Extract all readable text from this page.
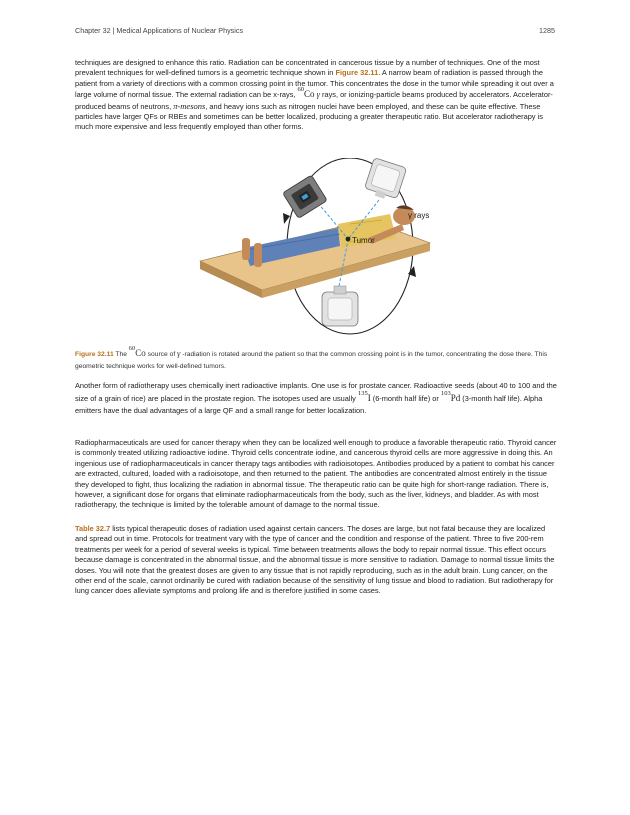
Chapter 32 | Medical Applications of Nuclear Physics	1285

techniques are designed to enhance this ratio. Radiation can be concentrated in cancerous tissue by a number of techniques. One of the most prevalent techniques for well-defined tumors is a geometric technique shown in Figure 32.11. A narrow beam of radiation is passed through the patient from a variety of directions with a common crossing point in the tumor. This concentrates the dose in the tumor while spreading it out over a large volume of normal tissue. The external radiation can be x-rays, $^{60}$Co γ rays, or ionizing-particle beams produced by accelerators. Accelerator-produced beams of neutrons, π-mesons, and heavy ions such as nitrogen nuclei have been employed, and these can be quite effective. These particles have larger QFs or RBEs and sometimes can be better localized, producing a greater therapeutic ratio. But accelerator radiotherapy is much more expensive and less frequently employed than other forms.

Tumor
γ rays

Figure 32.11 The $^{60}$Co source of γ -radiation is rotated around the patient so that the common crossing point is in the tumor, concentrating the dose there. This geometric technique works for well-defined tumors.

Another form of radiotherapy uses chemically inert radioactive implants. One use is for prostate cancer. Radioactive seeds (about 40 to 100 and the size of a grain of rice) are placed in the prostate region. The isotopes used are usually $^{135}$I (6-month half life) or $^{103}$Pd (3-month half life). Alpha emitters have the dual advantages of a large QF and a small range for better localization.

Radiopharmaceuticals are used for cancer therapy when they can be localized well enough to produce a favorable therapeutic ratio. Thyroid cancer is commonly treated utilizing radioactive iodine. Thyroid cells concentrate iodine, and cancerous thyroid cells are more aggressive in doing this. An ingenious use of radiopharmaceuticals in cancer therapy tags antibodies with radioisotopes. Antibodies produced by a patient to combat his cancer are extracted, cultured, loaded with a radioisotope, and then returned to the patient. The antibodies are concentrated almost entirely in the tissue they developed to fight, thus localizing the radiation in abnormal tissue. The therapeutic ratio can be quite high for short-range radiation. There is, however, a significant dose for organs that eliminate radiopharmaceuticals from the body, such as the liver, kidneys, and bladder. As with most radiotherapy, the technique is limited by the tolerable amount of damage to the normal tissue.

Table 32.7 lists typical therapeutic doses of radiation used against certain cancers. The doses are large, but not fatal because they are localized and spread out in time. Protocols for treatment vary with the type of cancer and the condition and response of the patient. Three to five 200-rem treatments per week for a period of several weeks is typical. Time between treatments allows the body to repair normal tissue. This effect occurs because damage is concentrated in the abnormal tissue, and the abnormal tissue is more sensitive to radiation. Damage to normal tissue limits the doses. You will note that the greatest doses are given to any tissue that is not rapidly reproducing, such as in the adult brain. Lung cancer, on the other end of the scale, cannot ordinarily be cured with radiation because of the sensitivity of lung tissue and blood to radiation. But radiotherapy for lung cancer does alleviate symptoms and prolong life and is therefore justified in some cases.
